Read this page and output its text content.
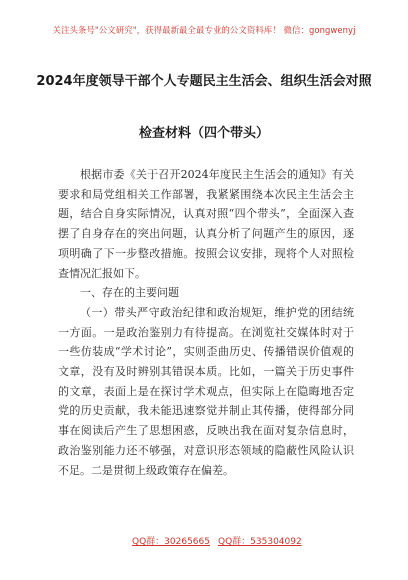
关注头条号"公文研究"，获得最新最全最专业的公文资料库！ 微信：gongwenyj
2024年度领导干部个人专题民主生活会、组织生活会对照
检查材料（四个带头）

根据市委《关于召开2024年度民主生活会的通知》有关要求和局党组相关工作部署，我紧紧围绕本次民主生活会主题，结合自身实际情况，认真对照“四个带头”，全面深入查摆了自身存在的突出问题，认真分析了问题产生的原因，逐项明确了下一步整改措施。按照会议安排，现将个人对照检查情况汇报如下。

一、存在的主要问题

（一）带头严守政治纪律和政治规矩，维护党的团结统一方面。一是政治鉴别力有待提高。在浏览社交媒体时对于一些仿装成“学术讨论”，实则歪曲历史、传播错误价值观的文章，没有及时辨别其错误本质。比如，一篇关于历史事件的文章，表面上是在探讨学术观点，但实际上在隐晦地否定党的历史贡献，我未能迅速察觉并制止其传播，使得部分同事在阅读后产生了思想困惑，反映出我在面对复杂信息时，政治鉴别能力还不够强，对意识形态领域的隐蔽性风险认识不足。二是贯彻上级政策存在偏差。

QQ群：30265665 QQ群：535304092
